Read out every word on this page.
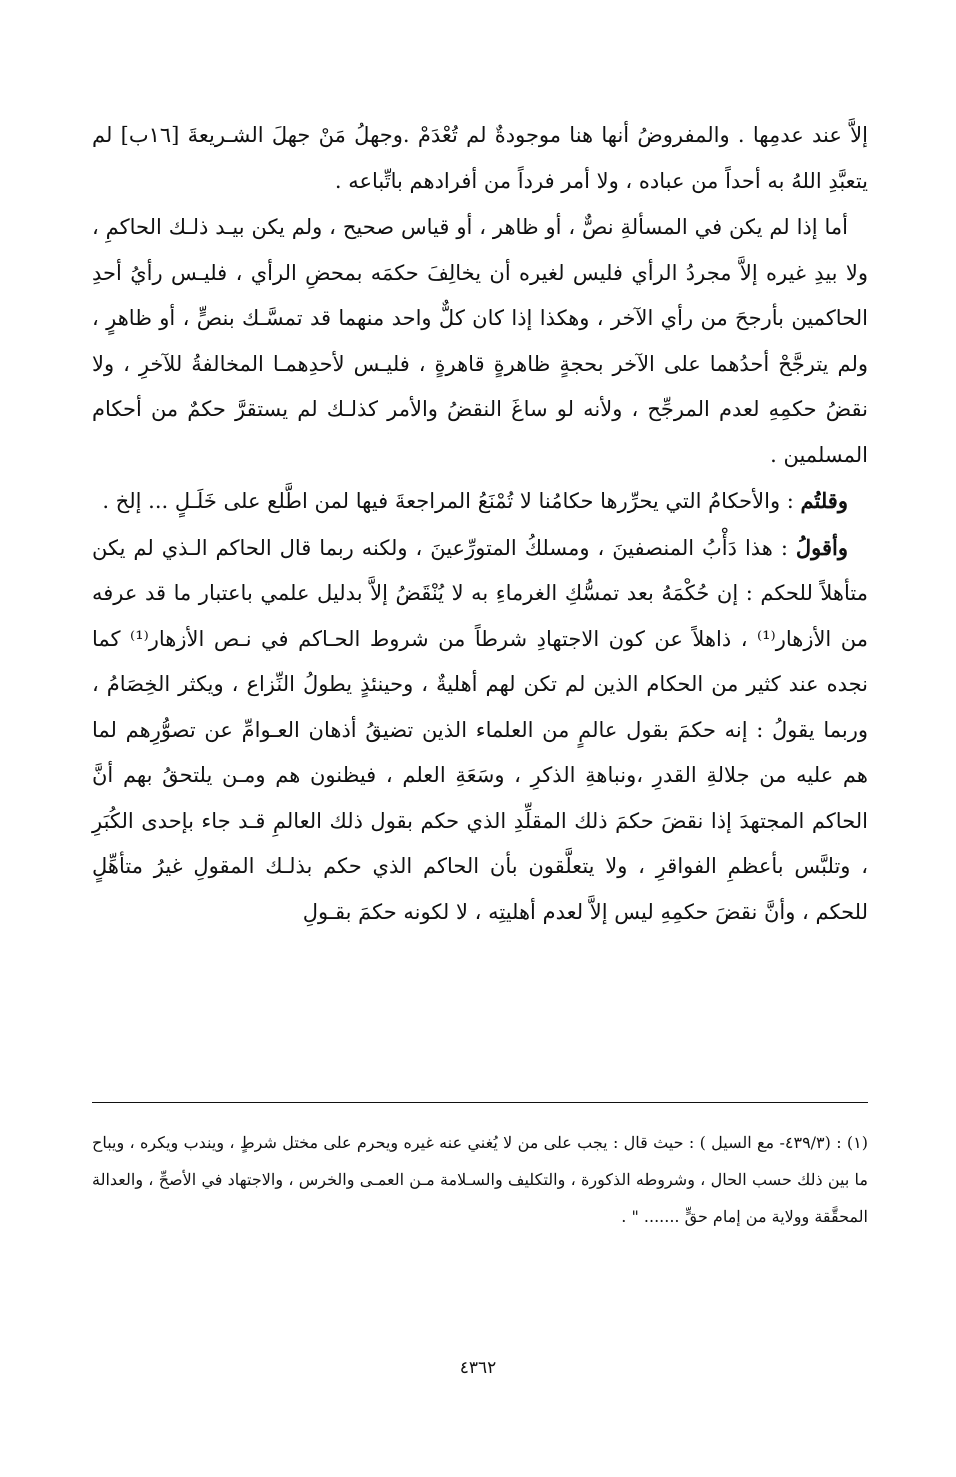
إلاَّ عند عدمِها . والمفروضُ أنها هنا موجودةٌ لم تُعْدَمْ .وجهلُ مَنْ جهلَ الشـريعةَ [١٦ب] لم يتعبَّدِ اللهُ به أحداً من عباده ، ولا أمر فرداً من أفرادهم باتِّباعه .

أما إذا لم يكن في المسألةِ نصٌّ ، أو ظاهر ، أو قياس صحيح ، ولم يكن بيـد ذلـك الحاكمِ ، ولا بيدِ غيره إلاَّ مجردُ الرأي فليس لغيره أن يخالِفَ حكمَه بمحضِ الرأي ، فليـس رأيُ أحدِ الحاكمين بأرجحَ من رأي الآخر ، وهكذا إذا كان كلٌّ واحد منهما قد تمسَّـك بنصٍّ ، أو ظاهرٍ ، ولم يترجَّحْ أحدُهما على الآخر بحجةٍ ظاهرةٍ قاهرةٍ ، فليـس لأحدِهمـا المخالفةُ للآخرِ ، ولا نقضُ حكمِهِ لعدم المرجِّح ، ولأنه لو ساغَ النقضُ والأمر كذلـك لم يستقرَّ حكمٌ من أحكام المسلمين .

وقلتُم : والأحكامُ التي يحرِّرها حكامُنا لا تُمْنَعُ المراجعةَ فيها لمن اطَّلع على خَلَـلٍ ... إلخ .

وأقولُ : هذا دَأْبُ المنصفينَ ، ومسلكُ المتورِّعينَ ، ولكنه ربما قال الحاكم الـذي لم يكن متأهلاً للحكم : إن حُكْمَهُ بعد تمسُّكِ الغرماءِ به لا يُنْقَضُ إلاَّ بدليل علمي باعتبار ما قد عرفه من الأزهار⁽¹⁾ ، ذاهلاً عن كون الاجتهادِ شرطاً من شروط الحـاكم في نـص الأزهار⁽¹⁾ كما نجده عند كثير من الحكام الذين لم تكن لهم أهليةٌ ، وحينئذٍ يطولُ النِّزاع ، ويكثر الخِصَامُ ، وربما يقولُ : إنه حكمَ بقول عالمٍ من العلماء الذين تضيقُ أذهان العـوامِّ عن تصوُّرِهم لما هم عليه من جلالةِ القدرِ ،ونباهةِ الذكرِ ، وسَعَةِ العلم ، فيظنون هم ومـن يلتحقُ بهم أنَّ الحاكم المجتهدَ إذا نقضَ حكمَ ذلك المقلِّدِ الذي حكم بقول ذلك العالمِ قـد جاء بإحدى الكُبَرِ ، وتلبَّس بأعظمِ الفواقرِ ، ولا يتعلَّقون بأن الحاكم الذي حكم بذلـك المقولِ غيرُ متأهِّلٍ للحكم ، وأنَّ نقضَ حكمِهِ ليس إلاَّ لعدم أهليتِه ، لا لكونه حكمَ بقـولِ

(١) : (٤٣٩/٣- مع السيل ) : حيث قال : يجب على من لا يُغني عنه غيره ويحرم على مختل شرطٍ ، ويندب ويكره ، ويباح ما بين ذلك حسب الحال ، وشروطه الذكورة ، والتكليف والسـلامة مـن العمـى والخرس ، والاجتهاد في الأصحِّ ، والعدالة المحقَّقة وولاية من إمام حقٍّ ....... " .

٤٣٦٢
